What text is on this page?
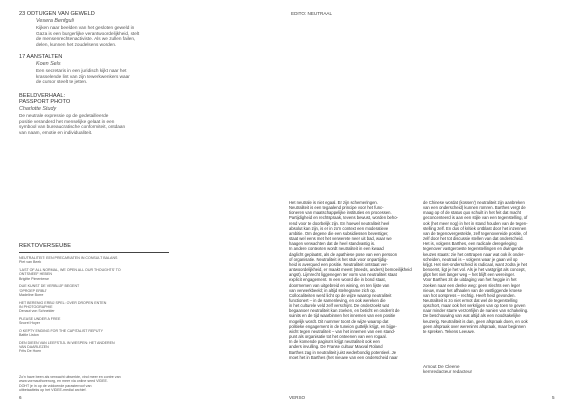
23 ODTUIGEN VAN GEWELD
Vesera Benfguli
Kijken naar beelden van het gesloten geweld in
Gaza is een burgerlijke verantwoordelijkheid, stelt
de mensenrechtenactiviste. Als we zullen failen,
delen, kunnen het zoudelsens worden.
17 AANSTALTEN
Koen Sels
Een secretaris in een juridisch kijkt naar het
krasselende lint van zijn tewerkwenkers waar
de cursor steelt te jetten.
BEELDVERHAAL:
PASSPORT PHOTO
Charlotte Study
De neutrale expressie op de gedetailleerde
positie veranderd het menselijke gelaat in een
symbool van bureaucratische conformiteit, ontdaan
van naam, emotie en individualiteit.
REKTOVERSEUBE
NEUTRALITEIT: EEN PRECARIATEN IN CONSULT BALANS
Piet van Beek
'LAST OF ALL NORMAL, WE OPEN ALL OUR THOUGHTS' TO
ONTSNEEF HEBEN
Brigitte Pimentewe
DUE KUNST DE VERBLIJF BEGENT
'OPROEP ERBIJ'
Madeline Borre
HET BERENIG ERBIJ SPEL: OVER DROPEN ENTEN
IN PHOTOGRAPHIE
Denaut von Schneider
PLEASE UNDER A FREE
Snorel Hoyer
O KEPTY ENDING FOR THE CAPITALIST REPUTY
Battle Liston
DEN DIEEN VAN LEEFSTIJL IN WESPEN: HET ANDEREN
VAN DAARLEZEN
Frits De Hoen
Zo'n have been als verwacht uitwerkte, vind meer en contre van
www.vormauthorenorg, en meer via online seed VIDEE.
DOHT je in op de voldoende parasterroof van
uitbetaalteks op het VIDEE-medial archief.
6
EDITO: NEUTRAAL
Het neutrale is niet egaal. Er zijn schemeringen.
Neutraliteit is een tegaalend principe voor het func-
tioneren van maatschappelijke instituties en processen.
Partijdigheid en rechtspraak, tevens bewust, worden beho-
rend voor te doorbelijk zijn. En hoewel neutraliteit heel
absolut kan zijn, is er in zo'n context een moderatieve
ambitie. Om degene die een subsidiessen bevestiger,
staat wel eens met het verwerete neer uit bad, waar we
haagen verwachten dat de heel standvastig is.
In andere contexten wordt neutraliteit in een kwaad
daglicht geplaatst, als de apathiese pose van een persoon
of organisatie. Neutraliteit is het stuk voor onpartijdig-
heid is averqued een positie. Neutraliteit ontstaat ver-
antwoordelijkheid, er maakt meest (steeds, anders) bemoeilijkheid
angst). Lijmrecht liggenegen ter vorm van neutraliteit staat
explicit engagement. In een woord die in bond staat,
doorrnemen van uitgebreid en wining, en ten lijste van
van verwerkbeeld; in altijd stelregrame zich op.
Collocaliteiten werd licht op de wijze waarop neutraliteit
functionert – in de samenleving, en ook wereken die
in het culturele veld zelf verschijnt. De onderzoekt wat
begaanoer neutraliteit kan zoeken, en beticht en onderrit de
suinits en de tijd waarbinnen het innemen van een positie
mogelijk wordt. Dit nummer toont de wijze waarop dat
politieke engagement in de tuneion gutteljk krijgt, en bijge-
wicht tegen neutraliteit – van het innemen van een stand-
punt als organisatie tot het onteenen van een rogaal.
In de komende pagina's krijgt neutraliteit ook een
anders invulling. De Franse cultuur Maxval Roland
Barthes zag in neutraliteit juist wederbondig potentieel. Je
moet het in Barthes (het nieuwe van een onderscheid naar
de Chinese wordat (kossen') neutraliteit zijn aanbreken
van een onderscheid) kunnen romren. Barthes vergt de
maag op of de status quo schuilt in het feit dat macht
geconcenteerd is aan een stijle van een tegenstelling, of
ook (het meer nog) in het in stand houden van de tegen-
stelling zelf. En dus of kritiek ontblast door het inzennen
van de tegenovergestelde, zelf tegenovereide positie, of
zelf door het tot discussie stellen van dat onderscheid.
Het is, volgens Barthes, een radicale deregeleging
tegenover vastgeroeste tegenstellingen en dwingende
keuzes staats: zie het onttrapen naar wat ook ik onder-
scheiden, neutraal is – volgens waar je gaan wil op
krijgt. Het niet-onderscheid is radicaal, want zodra je het
benoemt, ligt je het vol. Als je het vastgrijpt als concept,
glipt het niet langer weg – het blijft een wereinger.
Voor Barthes zit de uitdaging van het heggie in het
zoeken naar een denke weg: geen slechts een leger
nieuw, maar het afhaalen van de vastliggende kroese
van hot oorspress – rechtig. Heeft heid gevonden.
Neutraliteit is zo niet ermot dat wel de tegenstelling
opschort, maar ook het verkrijgen van op toen te geven
naar minder starre verzorrlijkn de nanien van schakeling.
De beschouwing van wat altijd als een noodsakelijke
keuzerig. Neutraliteit is dan, geen afspraak doen, en ook
geen afspraak over wereninrs afspraak, maar beginnen
te spreken. Tekens Leeuwe.
Arnout De Cleene
kernredacteur redacteur
VERSO	5
